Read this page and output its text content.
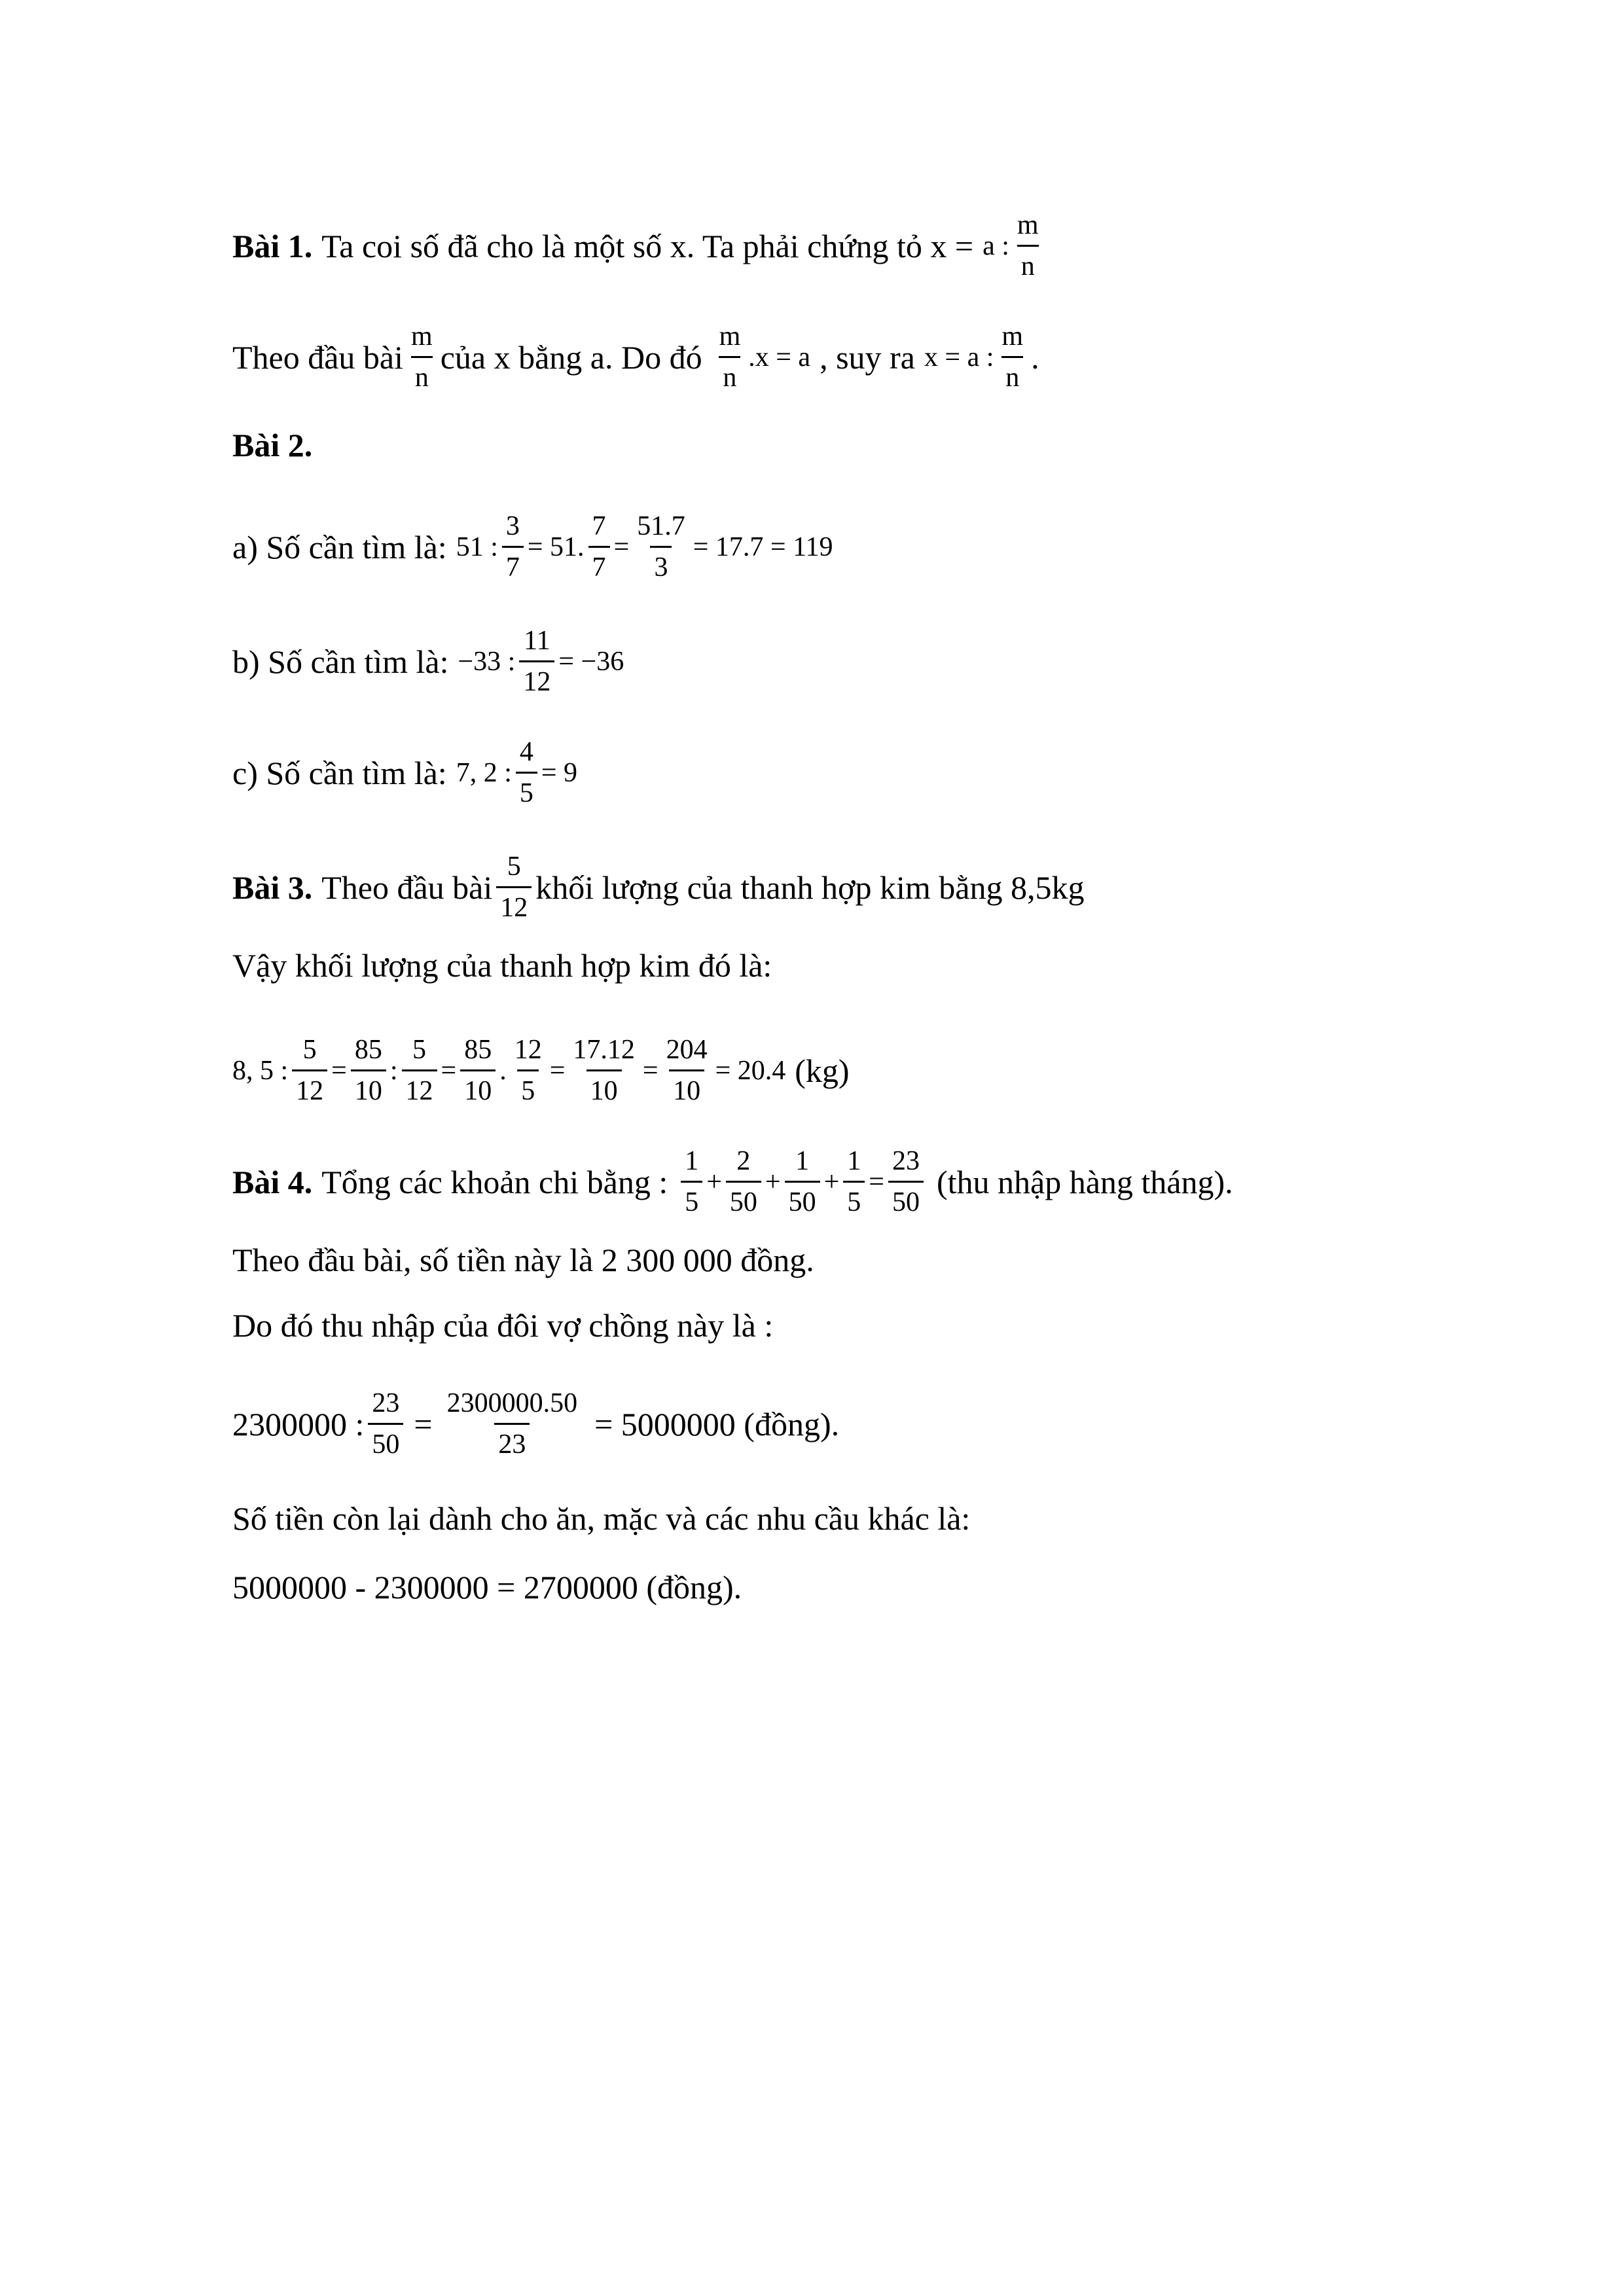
Bài 1. Ta coi số đã cho là một số x. Ta phải chứng tỏ x = a : $\frac{m}{n}$
Theo đầu bài $\frac{m}{n}$ của x bằng a. Do đó $\frac{m}{n} .x = a$ , suy ra x = a : $\frac{m}{n}$ .
Bài 2.
a) Số cần tìm là: 51 : $\frac{3}{7} = 51$. $\frac{7}{7} = \frac{51.7}{3} = 17.7 = 119$
b) Số cần tìm là: −33 : $\frac{11}{12} = -36$
c) Số cần tìm là: 7, 2 : $\frac{4}{5} = 9$
Bài 3. Theo đầu bài $\frac{5}{12}$ khối lượng của thanh hợp kim bằng 8,5kg
Vậy khối lượng của thanh hợp kim đó là:
8, 5 : $\frac{5}{12} = \frac{85}{10}$ : $\frac{5}{12} = \frac{85}{10}$ . $\frac{12}{5} = \frac{17.12}{10} = \frac{204}{10} = 20.4$ (kg)
Bài 4. Tổng các khoản chi bằng : $\frac{1}{5} + \frac{2}{50} + \frac{1}{50} + \frac{1}{5} = \frac{23}{50} (thu$ nhập hàng tháng).
Theo đầu bài, số tiền này là 2 300 000 đồng.
Do đó thu nhập của đôi vợ chồng này là :
2300000 : $\frac{23}{50} = \frac{2300000.50}{23} = 5000000$ (đồng).
Số tiền còn lại dành cho ăn, mặc và các nhu cầu khác là:
5000000 - 2300000 = 2700000 (đồng).
